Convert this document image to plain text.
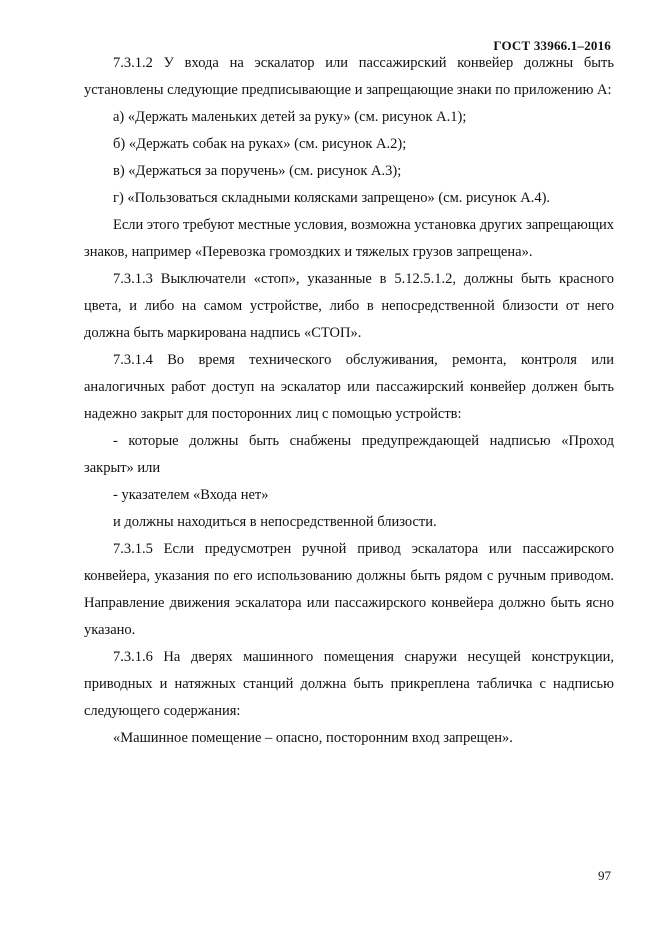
ГОСТ 33966.1–2016

7.3.1.2 У входа на эскалатор или пассажирский конвейер должны быть установлены следующие предписывающие и запрещающие знаки по приложению А:

а) «Держать маленьких детей за руку» (см. рисунок А.1);

б) «Держать собак на руках» (см. рисунок А.2);

в) «Держаться за поручень» (см. рисунок А.3);

г) «Пользоваться складными колясками запрещено» (см. рисунок А.4).

Если этого требуют местные условия, возможна установка других запрещающих знаков, например «Перевозка громоздких и тяжелых грузов запрещена».

7.3.1.3 Выключатели «стоп», указанные в 5.12.5.1.2, должны быть красного цвета, и либо на самом устройстве, либо в непосредственной близости от него должна быть маркирована надпись «СТОП».

7.3.1.4 Во время технического обслуживания, ремонта, контроля или аналогичных работ доступ на эскалатор или пассажирский конвейер должен быть надежно закрыт для посторонних лиц с помощью устройств:

- которые должны быть снабжены предупреждающей надписью «Проход закрыт» или

- указателем «Входа нет»

и должны находиться в непосредственной близости.

7.3.1.5 Если предусмотрен ручной привод эскалатора или пассажирского конвейера, указания по его использованию должны быть рядом с ручным приводом. Направление движения эскалатора или пассажирского конвейера должно быть ясно указано.

7.3.1.6 На дверях машинного помещения снаружи несущей конструкции, приводных и натяжных станций должна быть прикреплена табличка с надписью следующего содержания:

«Машинное помещение – опасно, посторонним вход запрещен».

97
